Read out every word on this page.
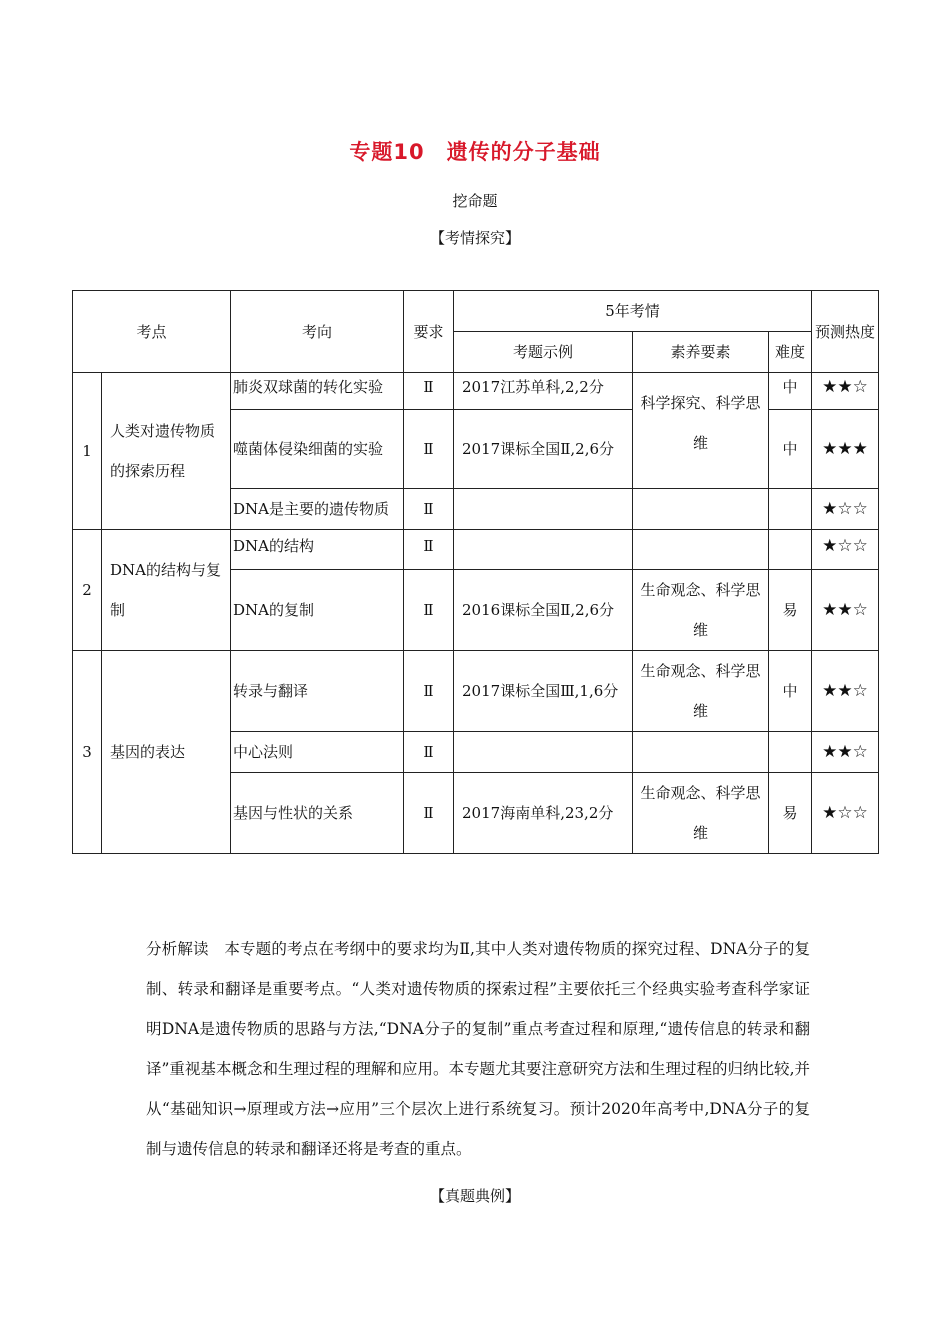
专题10　遗传的分子基础
挖命题
【考情探究】
考点		考向	要求	5年考情			预测热度
				考题示例	素养要素	难度	
1	人类对遗传物质的探索历程	肺炎双球菌的转化实验	Ⅱ	2017江苏单科,2,2分	科学探究、科学思维	中	★★☆
		噬菌体侵染细菌的实验	Ⅱ	2017课标全国Ⅱ,2,6分		中	★★★
		DNA是主要的遗传物质	Ⅱ				★☆☆
2	DNA的结构与复制	DNA的结构	Ⅱ				★☆☆
		DNA的复制	Ⅱ	2016课标全国Ⅱ,2,6分	生命观念、科学思维	易	★★☆
3	基因的表达	转录与翻译	Ⅱ	2017课标全国Ⅲ,1,6分	生命观念、科学思维	中	★★☆
		中心法则	Ⅱ				★★☆
		基因与性状的关系	Ⅱ	2017海南单科,23,2分	生命观念、科学思维	易	★☆☆
分析解读　本专题的考点在考纲中的要求均为Ⅱ,其中人类对遗传物质的探究过程、DNA分子的复制、转录和翻译是重要考点。“人类对遗传物质的探索过程”主要依托三个经典实验考查科学家证明DNA是遗传物质的思路与方法,“DNA分子的复制”重点考查过程和原理,“遗传信息的转录和翻译”重视基本概念和生理过程的理解和应用。本专题尤其要注意研究方法和生理过程的归纳比较,并从“基础知识→原理或方法→应用”三个层次上进行系统复习。预计2020年高考中,DNA分子的复制与遗传信息的转录和翻译还将是考查的重点。
【真题典例】
